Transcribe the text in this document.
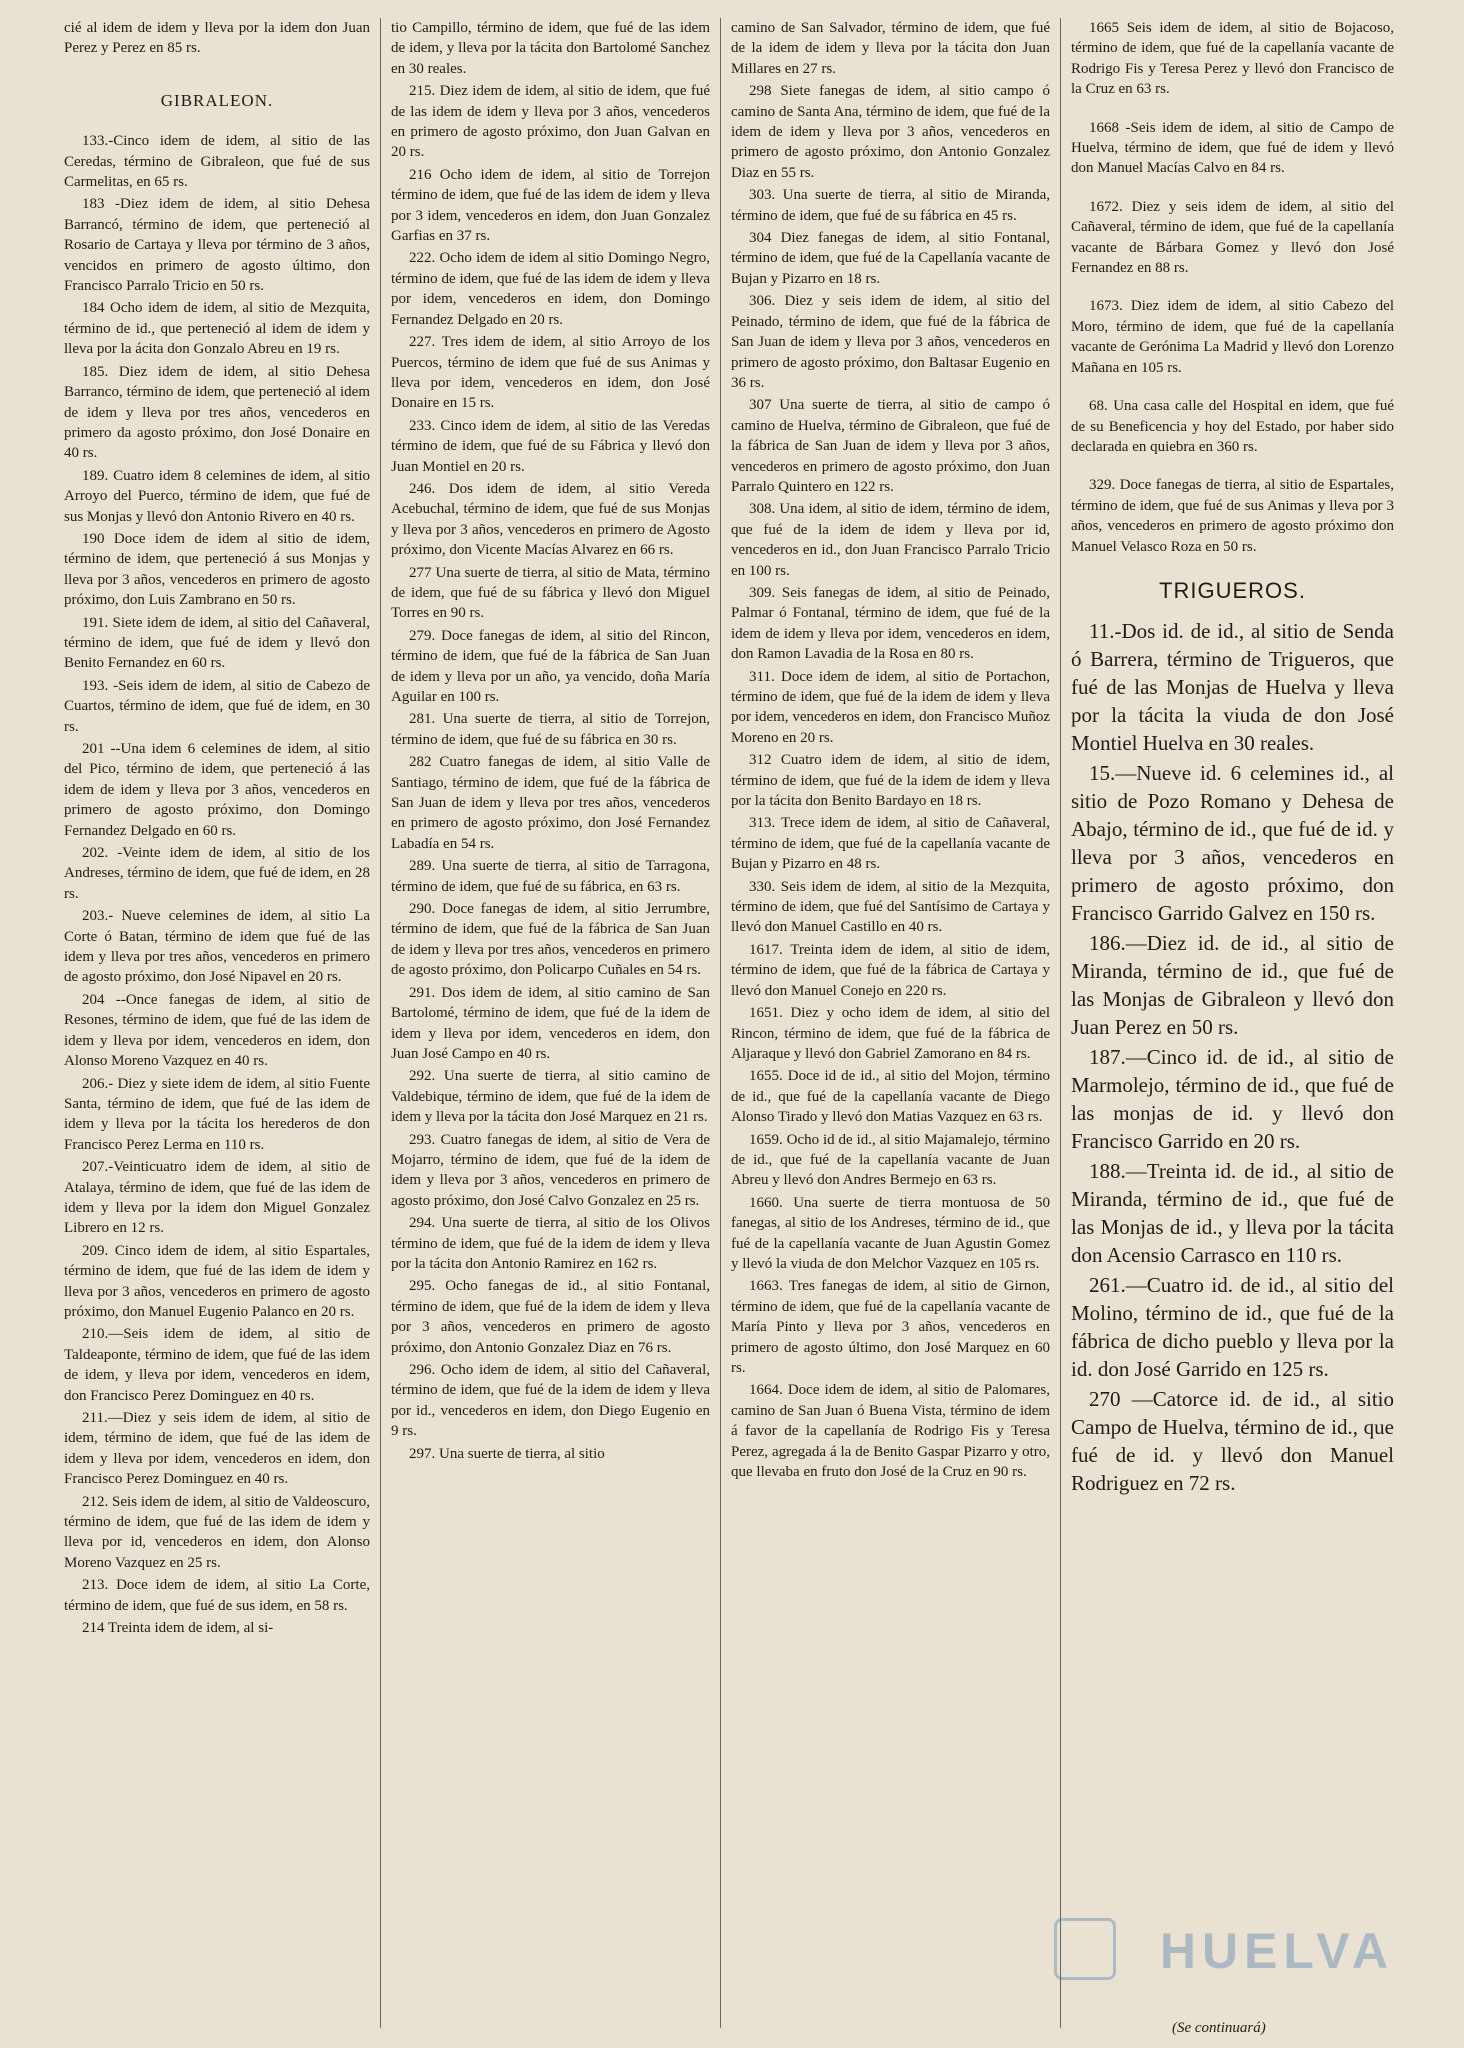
cié al idem de idem y lleva por la idem don Juan Perez y Perez en 85 rs.

GIBRALEON.

133.-Cinco idem de idem, al sitio de las Ceredas, término de Gibraleon, que fué de sus Carmelitas, en 65 rs.

183 -Diez idem de idem, al sitio Dehesa Barrancó, término de idem, que perteneció al Rosario de Cartaya y lleva por término de 3 años, vencidos en primero de agosto último, don Francisco Parralo Tricio en 50 rs.

184 Ocho idem de idem, al sitio de Mezquita, término de id., que perteneció al idem de idem y lleva por la ácita don Gonzalo Abreu en 19 rs.

185. Diez idem de idem, al sitio Dehesa Barranco, término de idem, que perteneció al idem de idem y lleva por tres años, vencederos en primero da agosto próximo, don José Donaire en 40 rs.

189. Cuatro idem 8 celemines de idem, al sitio Arroyo del Puerco, término de idem, que fué de sus Monjas y llevó don Antonio Rivero en 40 rs.

190 Doce idem de idem al sitio de idem, término de idem, que perteneció á sus Monjas y lleva por 3 años, vencederos en primero de agosto próximo, don Luis Zambrano en 50 rs.

191. Siete idem de idem, al sitio del Cañaveral, término de idem, que fué de idem y llevó don Benito Fernandez en 60 rs.

193. -Seis idem de idem, al sitio de Cabezo de Cuartos, término de idem, que fué de idem, en 30 rs.

201 --Una idem 6 celemines de idem, al sitio del Pico, término de idem, que perteneció á las idem de idem y lleva por 3 años, vencederos en primero de agosto próximo, don Domingo Fernandez Delgado en 60 rs.

202. -Veinte idem de idem, al sitio de los Andreses, término de idem, que fué de idem, en 28 rs.

203.- Nueve celemines de idem, al sitio La Corte ó Batan, término de idem que fué de las idem y lleva por tres años, vencederos en primero de agosto próximo, don José Nipavel en 20 rs.

204 --Once fanegas de idem, al sitio de Resones, término de idem, que fué de las idem de idem y lleva por idem, vencederos en idem, don Alonso Moreno Vazquez en 40 rs.

206.- Diez y siete idem de idem, al sitio Fuente Santa, término de idem, que fué de las idem de idem y lleva por la tácita los herederos de don Francisco Perez Lerma en 110 rs.

207.-Veinticuatro idem de idem, al sitio de Atalaya, término de idem, que fué de las idem de idem y lleva por la idem don Miguel Gonzalez Librero en 12 rs.

209. Cinco idem de idem, al sitio Espartales, término de idem, que fué de las idem de idem y lleva por 3 años, vencederos en primero de agosto próximo, don Manuel Eugenio Palanco en 20 rs.

210.—Seis idem de idem, al sitio de Taldeaponte, término de idem, que fué de las idem de idem, y lleva por idem, vencederos en idem, don Francisco Perez Dominguez en 40 rs.

211.—Diez y seis idem de idem, al sitio de idem, término de idem, que fué de las idem de idem y lleva por idem, vencederos en idem, don Francisco Perez Dominguez en 40 rs.

212. Seis idem de idem, al sitio de Valdeoscuro, término de idem, que fué de las idem de idem y lleva por id, vencederos en idem, don Alonso Moreno Vazquez en 25 rs.

213. Doce idem de idem, al sitio La Corte, término de idem, que fué de sus idem, en 58 rs.

214 Treinta idem de idem, al si-

tio Campillo, término de idem, que fué de las idem de idem, y lleva por la tácita don Bartolomé Sanchez en 30 reales.

215. Diez idem de idem, al sitio de idem, que fué de las idem de idem y lleva por 3 años, vencederos en primero de agosto próximo, don Juan Galvan en 20 rs.

216 Ocho idem de idem, al sitio de Torrejon término de idem, que fué de las idem de idem y lleva por 3 idem, vencederos en idem, don Juan Gonzalez Garfias en 37 rs.

222. Ocho idem de idem al sitio Domingo Negro, término de idem, que fué de las idem de idem y lleva por idem, vencederos en idem, don Domingo Fernandez Delgado en 20 rs.

227. Tres idem de idem, al sitio Arroyo de los Puercos, término de idem que fué de sus Animas y lleva por idem, vencederos en idem, don José Donaire en 15 rs.

233. Cinco idem de idem, al sitio de las Veredas término de idem, que fué de su Fábrica y llevó don Juan Montiel en 20 rs.

246. Dos idem de idem, al sitio Vereda Acebuchal, término de idem, que fué de sus Monjas y lleva por 3 años, vencederos en primero de Agosto próximo, don Vicente Macías Alvarez en 66 rs.

277 Una suerte de tierra, al sitio de Mata, término de idem, que fué de su fábrica y llevó don Miguel Torres en 90 rs.

279. Doce fanegas de idem, al sitio del Rincon, término de idem, que fué de la fábrica de San Juan de idem y lleva por un año, ya vencido, doña María Aguilar en 100 rs.

281. Una suerte de tierra, al sitio de Torrejon, término de idem, que fué de su fábrica en 30 rs.

282 Cuatro fanegas de idem, al sitio Valle de Santiago, término de idem, que fué de la fábrica de San Juan de idem y lleva por tres años, vencederos en primero de agosto próximo, don José Fernandez Labadía en 54 rs.

289. Una suerte de tierra, al sitio de Tarragona, término de idem, que fué de su fábrica, en 63 rs.

290. Doce fanegas de idem, al sitio Jerrumbre, término de idem, que fué de la fábrica de San Juan de idem y lleva por tres años, vencederos en primero de agosto próximo, don Policarpo Cuñales en 54 rs.

291. Dos idem de idem, al sitio camino de San Bartolomé, término de idem, que fué de la idem de idem y lleva por idem, vencederos en idem, don Juan José Campo en 40 rs.

292. Una suerte de tierra, al sitio camino de Valdebique, término de idem, que fué de la idem de idem y lleva por la tácita don José Marquez en 21 rs.

293. Cuatro fanegas de idem, al sitio de Vera de Mojarro, término de idem, que fué de la idem de idem y lleva por 3 años, vencederos en primero de agosto próximo, don José Calvo Gonzalez en 25 rs.

294. Una suerte de tierra, al sitio de los Olivos término de idem, que fué de la idem de idem y lleva por la tácita don Antonio Ramirez en 162 rs.

295. Ocho fanegas de id., al sitio Fontanal, término de idem, que fué de la idem de idem y lleva por 3 años, vencederos en primero de agosto próximo, don Antonio Gonzalez Diaz en 76 rs.

296. Ocho idem de idem, al sitio del Cañaveral, término de idem, que fué de la idem de idem y lleva por id., vencederos en idem, don Diego Eugenio en 9 rs.

297. Una suerte de tierra, al sitio

camino de San Salvador, término de idem, que fué de la idem de idem y lleva por la tácita don Juan Millares en 27 rs.

298 Siete fanegas de idem, al sitio campo ó camino de Santa Ana, término de idem, que fué de la idem de idem y lleva por 3 años, vencederos en primero de agosto próximo, don Antonio Gonzalez Diaz en 55 rs.

303. Una suerte de tierra, al sitio de Miranda, término de idem, que fué de su fábrica en 45 rs.

304 Diez fanegas de idem, al sitio Fontanal, término de idem, que fué de la Capellanía vacante de Bujan y Pizarro en 18 rs.

306. Diez y seis idem de idem, al sitio del Peinado, término de idem, que fué de la fábrica de San Juan de idem y lleva por 3 años, vencederos en primero de agosto próximo, don Baltasar Eugenio en 36 rs.

307 Una suerte de tierra, al sitio de campo ó camino de Huelva, término de Gibraleon, que fué de la fábrica de San Juan de idem y lleva por 3 años, vencederos en primero de agosto próximo, don Juan Parralo Quintero en 122 rs.

308. Una idem, al sitio de idem, término de idem, que fué de la idem de idem y lleva por id, vencederos en id., don Juan Francisco Parralo Tricio en 100 rs.

309. Seis fanegas de idem, al sitio de Peinado, Palmar ó Fontanal, término de idem, que fué de la idem de idem y lleva por idem, vencederos en idem, don Ramon Lavadia de la Rosa en 80 rs.

311. Doce idem de idem, al sitio de Portachon, término de idem, que fué de la idem de idem y lleva por idem, vencederos en idem, don Francisco Muñoz Moreno en 20 rs.

312 Cuatro idem de idem, al sitio de idem, término de idem, que fué de la idem de idem y lleva por la tácita don Benito Bardayo en 18 rs.

313. Trece idem de idem, al sitio de Cañaveral, término de idem, que fué de la capellanía vacante de Bujan y Pizarro en 48 rs.

330. Seis idem de idem, al sitio de la Mezquita, término de idem, que fué del Santísimo de Cartaya y llevó don Manuel Castillo en 40 rs.

1617. Treinta idem de idem, al sitio de idem, término de idem, que fué de la fábrica de Cartaya y llevó don Manuel Conejo en 220 rs.

1651. Diez y ocho idem de idem, al sitio del Rincon, término de idem, que fué de la fábrica de Aljaraque y llevó don Gabriel Zamorano en 84 rs.

1655. Doce id de id., al sitio del Mojon, término de id., que fué de la capellanía vacante de Diego Alonso Tirado y llevó don Matias Vazquez en 63 rs.

1659. Ocho id de id., al sitio Majamalejo, término de id., que fué de la capellanía vacante de Juan Abreu y llevó don Andres Bermejo en 63 rs.

1660. Una suerte de tierra montuosa de 50 fanegas, al sitio de los Andreses, término de id., que fué de la capellanía vacante de Juan Agustin Gomez y llevó la viuda de don Melchor Vazquez en 105 rs.

1663. Tres fanegas de idem, al sitio de Girnon, término de idem, que fué de la capellanía vacante de María Pinto y lleva por 3 años, vencederos en primero de agosto último, don José Marquez en 60 rs.

1664. Doce idem de idem, al sitio de Palomares, camino de San Juan ó Buena Vista, término de idem á favor de la capellanía de Rodrigo Fis y Teresa Perez, agregada á la de Benito Gaspar Pizarro y otro, que llevaba en fruto don José de la Cruz en 90 rs.

1665 Seis idem de idem, al sitio de Bojacoso, término de idem, que fué de la capellanía vacante de Rodrigo Fis y Teresa Perez y llevó don Francisco de la Cruz en 63 rs.

1668 -Seis idem de idem, al sitio de Campo de Huelva, término de idem, que fué de idem y llevó don Manuel Macías Calvo en 84 rs.

1672. Diez y seis idem de idem, al sitio del Cañaveral, término de idem, que fué de la capellanía vacante de Bárbara Gomez y llevó don José Fernandez en 88 rs.

1673. Diez idem de idem, al sitio Cabezo del Moro, término de idem, que fué de la capellanía vacante de Gerónima La Madrid y llevó don Lorenzo Mañana en 105 rs.

68. Una casa calle del Hospital en idem, que fué de su Beneficencia y hoy del Estado, por haber sido declarada en quiebra en 360 rs.

329. Doce fanegas de tierra, al sitio de Espartales, término de idem, que fué de sus Animas y lleva por 3 años, vencederos en primero de agosto próximo don Manuel Velasco Roza en 50 rs.

TRIGUEROS.

11.-Dos id. de id., al sitio de Senda ó Barrera, término de Trigueros, que fué de las Monjas de Huelva y lleva por la tácita la viuda de don José Montiel Huelva en 30 reales.

15.—Nueve id. 6 celemines id., al sitio de Pozo Romano y Dehesa de Abajo, término de id., que fué de id. y lleva por 3 años, vencederos en primero de agosto próximo, don Francisco Garrido Galvez en 150 rs.

186.—Diez id. de id., al sitio de Miranda, término de id., que fué de las Monjas de Gibraleon y llevó don Juan Perez en 50 rs.

187.—Cinco id. de id., al sitio de Marmolejo, término de id., que fué de las monjas de id. y llevó don Francisco Garrido en 20 rs.

188.—Treinta id. de id., al sitio de Miranda, término de id., que fué de las Monjas de id., y lleva por la tácita don Acensio Carrasco en 110 rs.

261.—Cuatro id. de id., al sitio del Molino, término de id., que fué de la fábrica de dicho pueblo y lleva por la id. don José Garrido en 125 rs.

270 —Catorce id. de id., al sitio Campo de Huelva, término de id., que fué de id. y llevó don Manuel Rodriguez en 72 rs.

(Se continuará)
HUELVA
